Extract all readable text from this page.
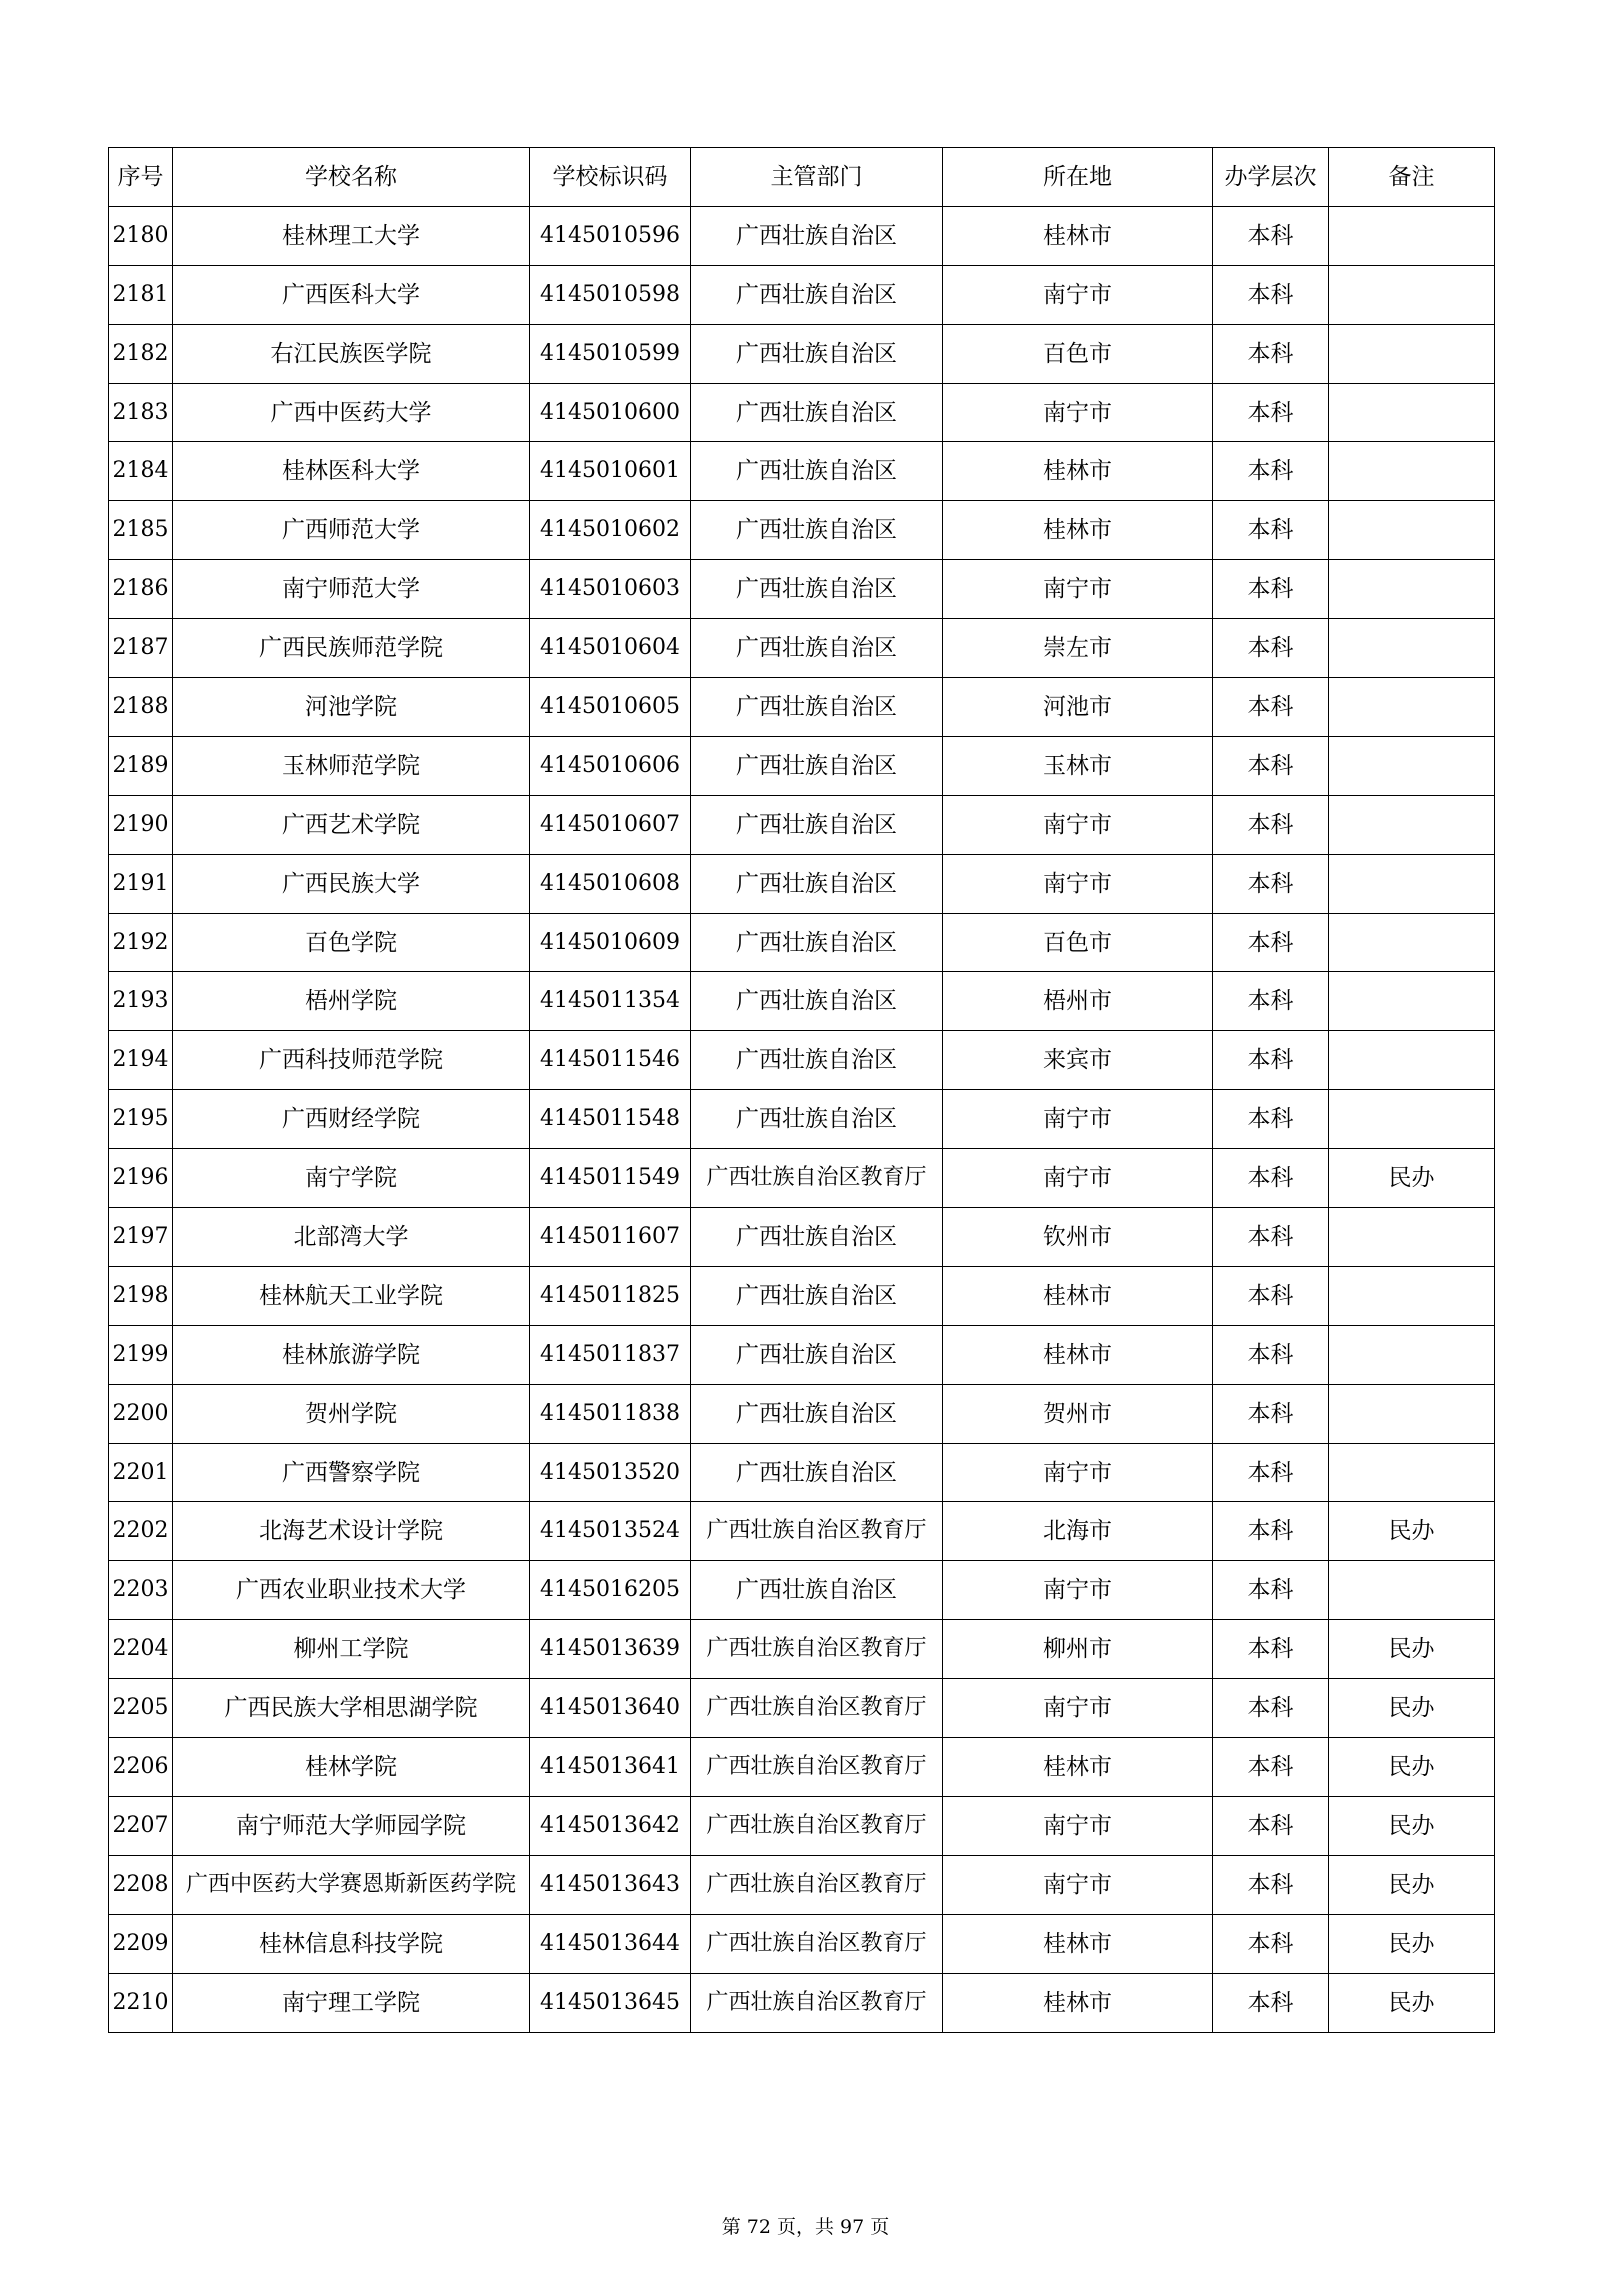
序号	学校名称	学校标识码	主管部门	所在地	办学层次	备注
2180	桂林理工大学	4145010596	广西壮族自治区	桂林市	本科	
2181	广西医科大学	4145010598	广西壮族自治区	南宁市	本科	
2182	右江民族医学院	4145010599	广西壮族自治区	百色市	本科	
2183	广西中医药大学	4145010600	广西壮族自治区	南宁市	本科	
2184	桂林医科大学	4145010601	广西壮族自治区	桂林市	本科	
2185	广西师范大学	4145010602	广西壮族自治区	桂林市	本科	
2186	南宁师范大学	4145010603	广西壮族自治区	南宁市	本科	
2187	广西民族师范学院	4145010604	广西壮族自治区	崇左市	本科	
2188	河池学院	4145010605	广西壮族自治区	河池市	本科	
2189	玉林师范学院	4145010606	广西壮族自治区	玉林市	本科	
2190	广西艺术学院	4145010607	广西壮族自治区	南宁市	本科	
2191	广西民族大学	4145010608	广西壮族自治区	南宁市	本科	
2192	百色学院	4145010609	广西壮族自治区	百色市	本科	
2193	梧州学院	4145011354	广西壮族自治区	梧州市	本科	
2194	广西科技师范学院	4145011546	广西壮族自治区	来宾市	本科	
2195	广西财经学院	4145011548	广西壮族自治区	南宁市	本科	
2196	南宁学院	4145011549	广西壮族自治区教育厅	南宁市	本科	民办
2197	北部湾大学	4145011607	广西壮族自治区	钦州市	本科	
2198	桂林航天工业学院	4145011825	广西壮族自治区	桂林市	本科	
2199	桂林旅游学院	4145011837	广西壮族自治区	桂林市	本科	
2200	贺州学院	4145011838	广西壮族自治区	贺州市	本科	
2201	广西警察学院	4145013520	广西壮族自治区	南宁市	本科	
2202	北海艺术设计学院	4145013524	广西壮族自治区教育厅	北海市	本科	民办
2203	广西农业职业技术大学	4145016205	广西壮族自治区	南宁市	本科	
2204	柳州工学院	4145013639	广西壮族自治区教育厅	柳州市	本科	民办
2205	广西民族大学相思湖学院	4145013640	广西壮族自治区教育厅	南宁市	本科	民办
2206	桂林学院	4145013641	广西壮族自治区教育厅	桂林市	本科	民办
2207	南宁师范大学师园学院	4145013642	广西壮族自治区教育厅	南宁市	本科	民办
2208	广西中医药大学赛恩斯新医药学院	4145013643	广西壮族自治区教育厅	南宁市	本科	民办
2209	桂林信息科技学院	4145013644	广西壮族自治区教育厅	桂林市	本科	民办
2210	南宁理工学院	4145013645	广西壮族自治区教育厅	桂林市	本科	民办
第 72 页，共 97 页
